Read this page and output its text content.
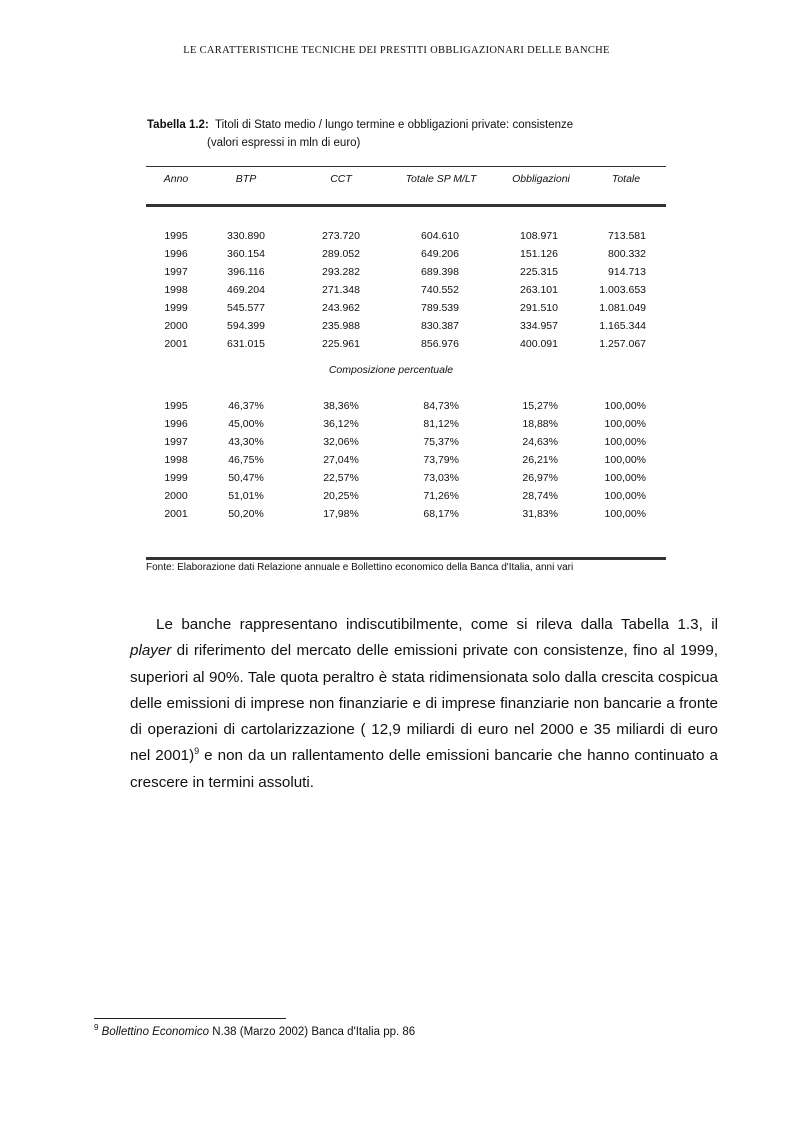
LE CARATTERISTICHE TECNICHE DEI PRESTITI OBBLIGAZIONARI DELLE BANCHE
Tabella 1.2: Titoli di Stato medio / lungo termine e obbligazioni private: consistenze
(valori espressi in mln di euro)
Anno	BTP	CCT	Totale SP M/LT	Obbligazioni	Totale
1995	330.890	273.720	604.610	108.971	713.581
1996	360.154	289.052	649.206	151.126	800.332
1997	396.116	293.282	689.398	225.315	914.713
1998	469.204	271.348	740.552	263.101	1.003.653
1999	545.577	243.962	789.539	291.510	1.081.049
2000	594.399	235.988	830.387	334.957	1.165.344
2001	631.015	225.961	856.976	400.091	1.257.067
Composizione percentuale
1995	46,37%	38,36%	84,73%	15,27%	100,00%
1996	45,00%	36,12%	81,12%	18,88%	100,00%
1997	43,30%	32,06%	75,37%	24,63%	100,00%
1998	46,75%	27,04%	73,79%	26,21%	100,00%
1999	50,47%	22,57%	73,03%	26,97%	100,00%
2000	51,01%	20,25%	71,26%	28,74%	100,00%
2001	50,20%	17,98%	68,17%	31,83%	100,00%
Fonte: Elaborazione dati Relazione annuale e Bollettino economico della Banca d'Italia, anni vari
Le banche rappresentano indiscutibilmente, come si rileva dalla Tabella 1.3, il player di riferimento del mercato delle emissioni private con consistenze, fino al 1999, superiori al 90%. Tale quota peraltro è stata ridimensionata solo dalla crescita cospicua delle emissioni di imprese non finanziarie e di imprese finanziarie non bancarie a fronte di operazioni di cartolarizzazione ( 12,9 miliardi di euro nel 2000 e 35 miliardi di euro nel 2001)$^9$ e non da un rallentamento delle emissioni bancarie che hanno continuato a crescere in termini assoluti.
$^9$ Bollettino Economico N.38 (Marzo 2002) Banca d'Italia pp. 86
